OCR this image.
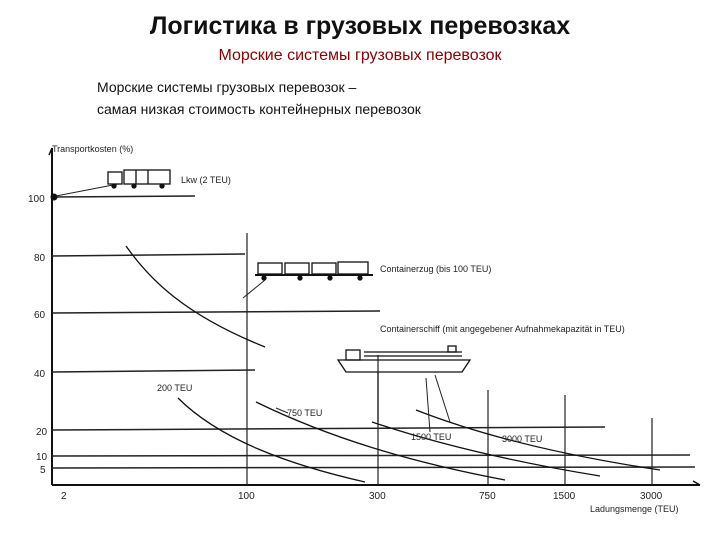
Логистика в грузовых перевозках
Морские системы грузовых перевозок
Морские системы грузовых перевозок –
самая низкая стоимость контейнерных перевозок
100
80
60
40
20
10
5
2	100	300	750	1500	3000
Transportkosten (%)
Ladungsmenge (TEU)
Lkw (2 TEU)
Containerzug (bis 100 TEU)
Containerschiff (mit angegebener Aufnahmekapazität in TEU)
200 TEU
750 TEU
1500 TEU	3000 TEU
